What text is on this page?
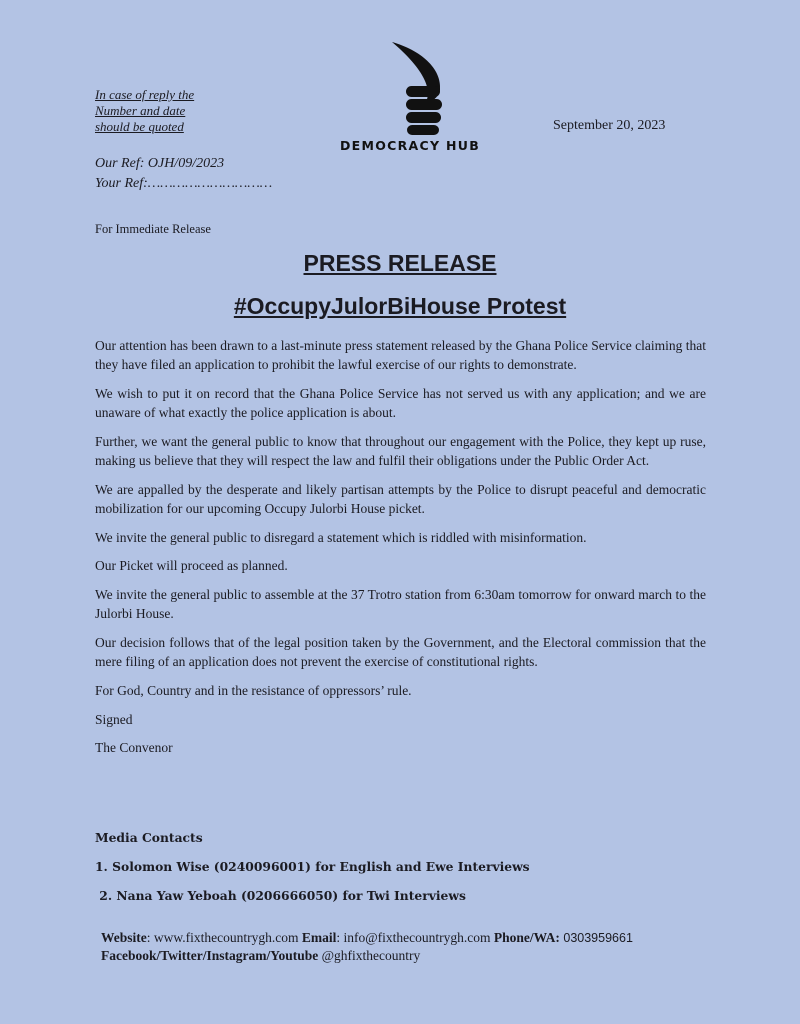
In case of reply the
Number and date
should be quoted
Our Ref: OJH/09/2023
Your Ref:…………………………
DEMOCRACY HUB
September 20, 2023
For Immediate Release
PRESS RELEASE
#OccupyJulorBiHouse Protest

Our attention has been drawn to a last-minute press statement released by the Ghana Police Service claiming that they have filed an application to prohibit the lawful exercise of our rights to demonstrate.

We wish to put it on record that the Ghana Police Service has not served us with any application; and we are unaware of what exactly the police application is about.

Further, we want the general public to know that throughout our engagement with the Police, they kept up ruse, making us believe that they will respect the law and fulfil their obligations under the Public Order Act.

We are appalled by the desperate and likely partisan attempts by the Police to disrupt peaceful and democratic mobilization for our upcoming Occupy Julorbi House picket.

We invite the general public to disregard a statement which is riddled with misinformation.

Our Picket will proceed as planned.

We invite the general public to assemble at the 37 Trotro station from 6:30am tomorrow for onward march to the Julorbi House.

Our decision follows that of the legal position taken by the Government, and the Electoral commission that the mere filing of an application does not prevent the exercise of constitutional rights.

For God, Country and in the resistance of oppressors’ rule.

Signed

The Convenor

Media Contacts
1. Solomon Wise (0240096001) for English and Ewe Interviews
2. Nana Yaw Yeboah (0206666050) for Twi Interviews
Website: www.fixthecountrygh.com Email: info@fixthecountrygh.com Phone/WA: 0303959661
Facebook/Twitter/Instagram/Youtube @ghfixthecountry
